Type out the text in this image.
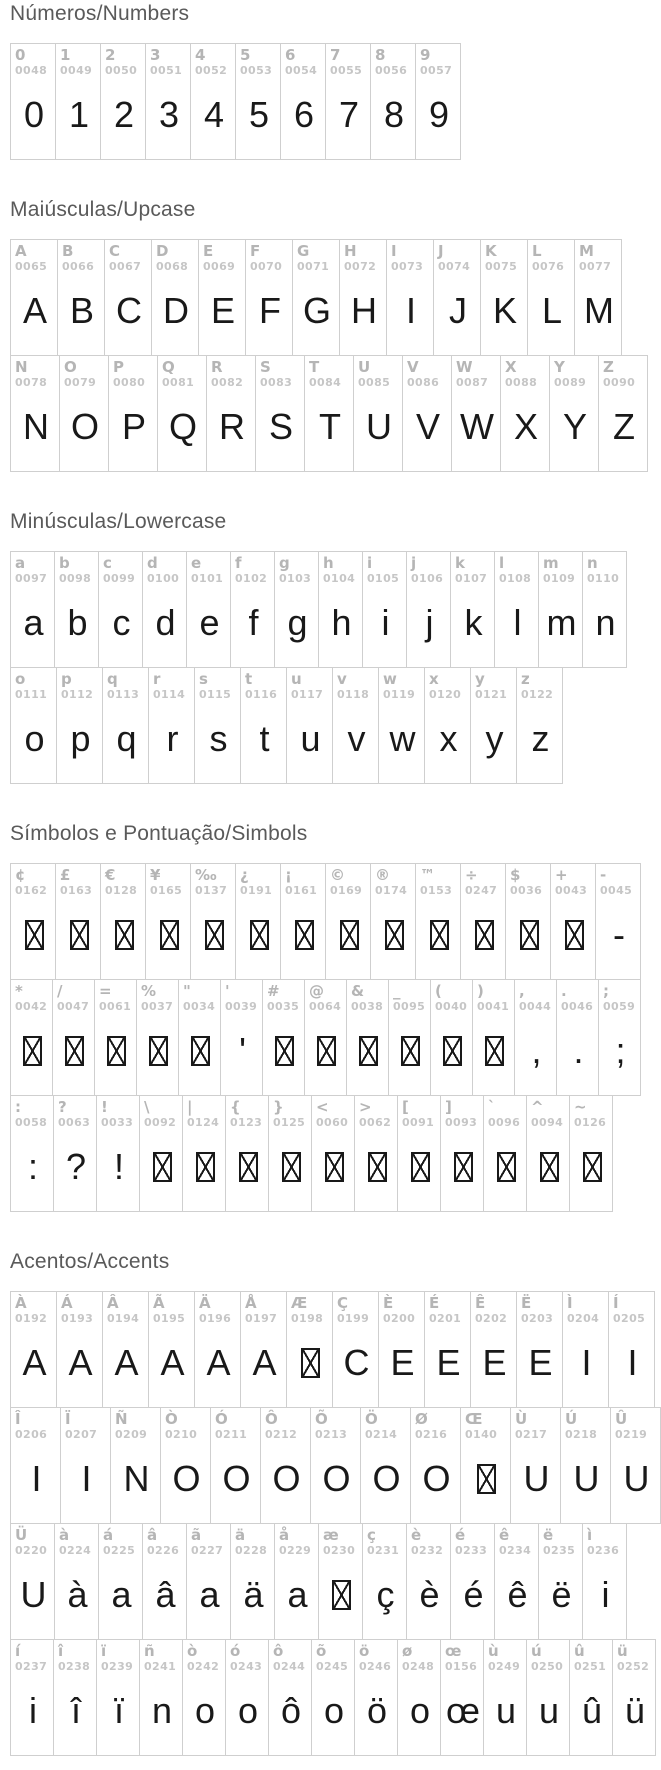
Números/Numbers
0
0048
0
1
0049
1
2
0050
2
3
0051
3
4
0052
4
5
0053
5
6
0054
6
7
0055
7
8
0056
8
9
0057
9
Maiúsculas/Upcase
A
0065
A
B
0066
B
C
0067
C
D
0068
D
E
0069
E
F
0070
F
G
0071
G
H
0072
H
I
0073
I
J
0074
J
K
0075
K
L
0076
L
M
0077
M
N
0078
N
O
0079
O
P
0080
P
Q
0081
Q
R
0082
R
S
0083
S
T
0084
T
U
0085
U
V
0086
V
W
0087
W
X
0088
X
Y
0089
Y
Z
0090
Z
Minúsculas/Lowercase
a
0097
a
b
0098
b
c
0099
c
d
0100
d
e
0101
e
f
0102
f
g
0103
g
h
0104
h
i
0105
i
j
0106
j
k
0107
k
l
0108
l
m
0109
m
n
0110
n
o
0111
o
p
0112
p
q
0113
q
r
0114
r
s
0115
s
t
0116
t
u
0117
u
v
0118
v
w
0119
w
x
0120
x
y
0121
y
z
0122
z
Símbolos e Pontuação/Simbols
¢
0162
£
0163
€
0128
¥
0165
‰
0137
¿
0191
¡
0161
©
0169
®
0174
™
0153
÷
0247
$
0036
+
0043
-
0045
-
*
0042
/
0047
=
0061
%
0037
"
0034
'
0039
'
#
0035
@
0064
&
0038
_
0095
(
0040
)
0041
,
0044
,
.
0046
.
;
0059
;
:
0058
:
?
0063
?
!
0033
!
\
0092
|
0124
{
0123
}
0125
<
0060
>
0062
[
0091
]
0093
`
0096
^
0094
~
0126
Acentos/Accents
À
0192
A
Á
0193
A
Â
0194
A
Ã
0195
A
Ä
0196
A
Å
0197
A
Æ
0198
Ç
0199
C
È
0200
E
É
0201
E
Ê
0202
E
Ë
0203
E
Ì
0204
I
Í
0205
I
Î
0206
I
Ï
0207
I
Ñ
0209
N
Ò
0210
O
Ó
0211
O
Ô
0212
O
Õ
0213
O
Ö
0214
O
Ø
0216
O
Œ
0140
Ù
0217
U
Ú
0218
U
Û
0219
U
Ü
0220
U
à
0224
à
á
0225
a
â
0226
â
ã
0227
a
ä
0228
ä
å
0229
a
æ
0230
ç
0231
ç
è
0232
è
é
0233
é
ê
0234
ê
ë
0235
ë
ì
0236
i
í
0237
i
î
0238
î
ï
0239
ï
ñ
0241
n
ò
0242
o
ó
0243
o
ô
0244
ô
õ
0245
o
ö
0246
ö
ø
0248
o
œ
0156
œ
ù
0249
u
ú
0250
u
û
0251
û
ü
0252
ü
